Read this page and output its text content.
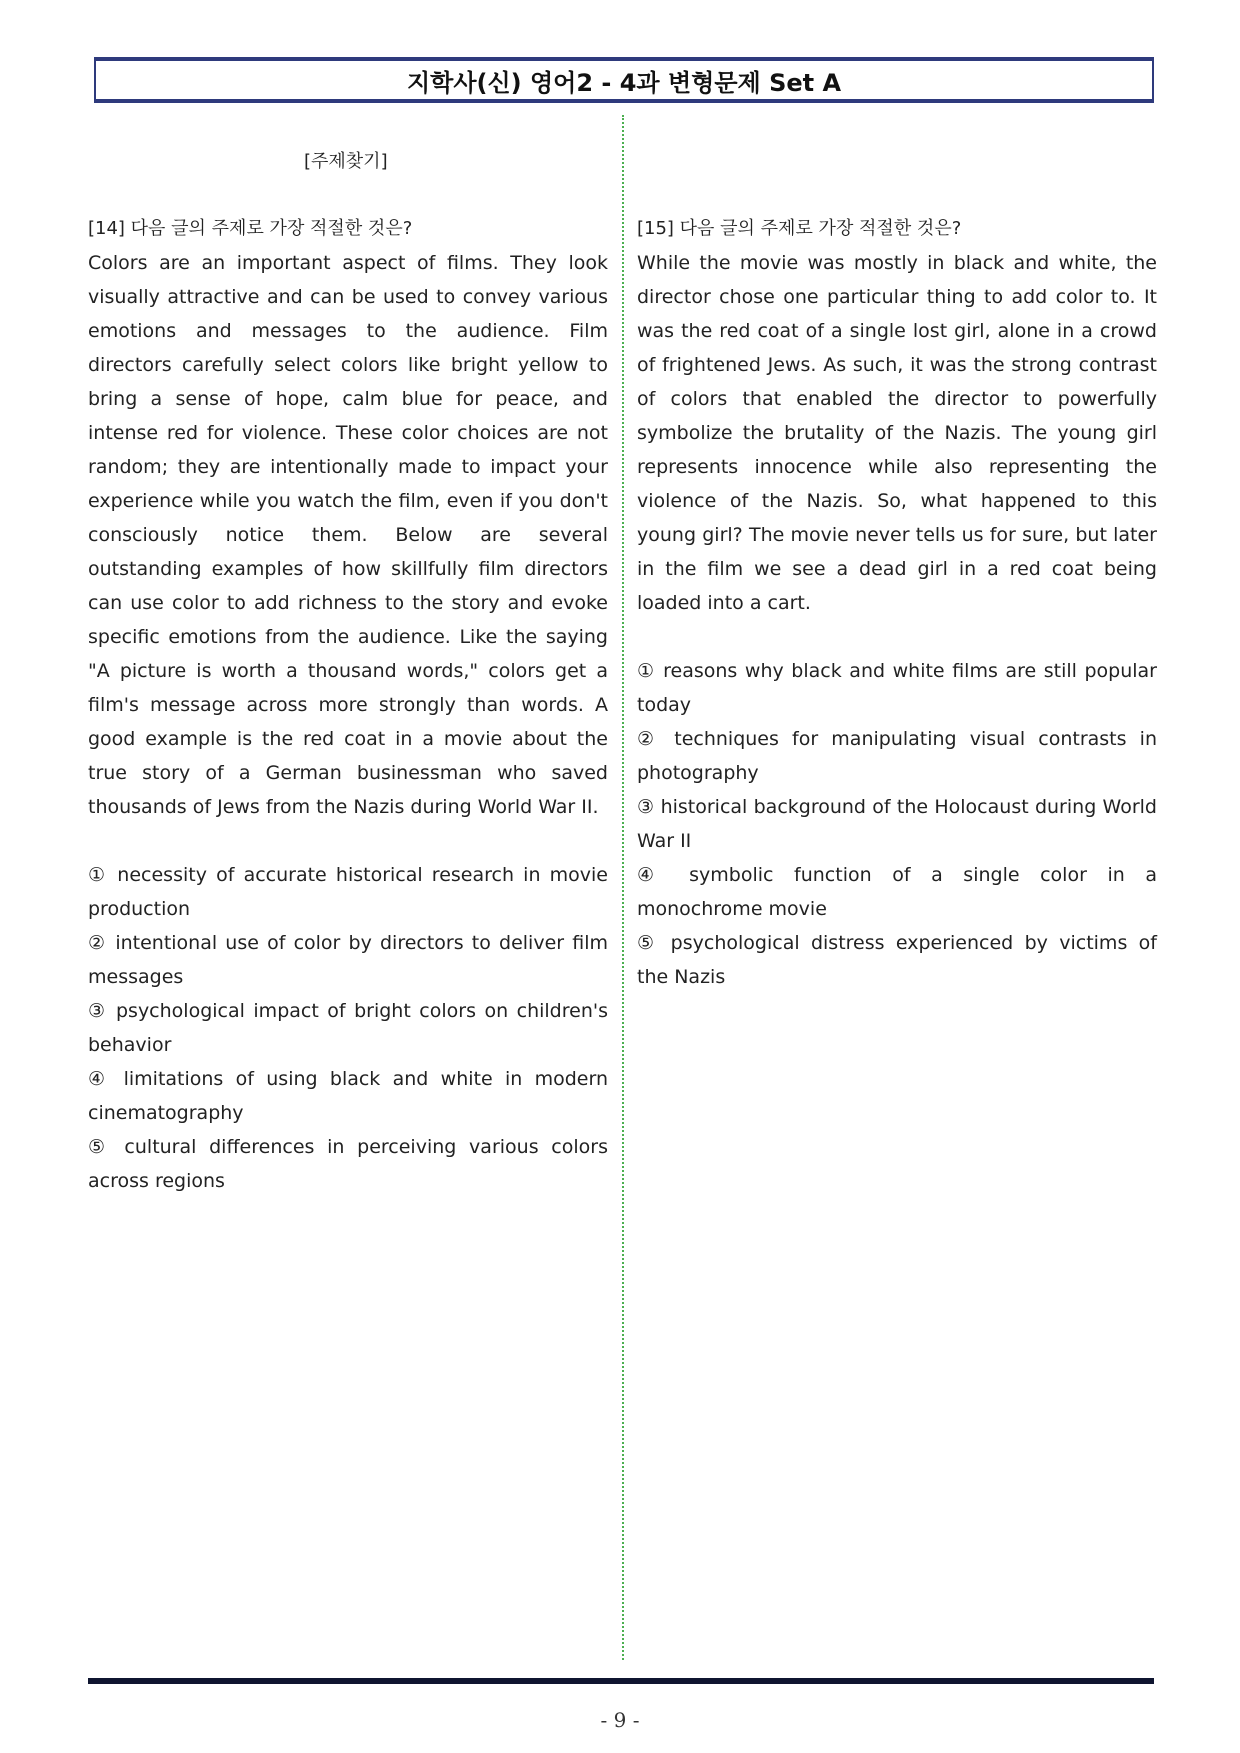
지학사(신) 영어2 - 4과 변형문제 Set A
[주제찾기]
[14] 다음 글의 주제로 가장 적절한 것은?

Colors are an important aspect of films. They look visually attractive and can be used to convey various emotions and messages to the audience. Film directors carefully select colors like bright yellow to bring a sense of hope, calm blue for peace, and intense red for violence. These color choices are not random; they are intentionally made to impact your experience while you watch the film, even if you don't consciously notice them. Below are several outstanding examples of how skillfully film directors can use color to add richness to the story and evoke specific emotions from the audience. Like the saying "A picture is worth a thousand words," colors get a film's message across more strongly than words. A good example is the red coat in a movie about the true story of a German businessman who saved thousands of Jews from the Nazis during World War II.

① necessity of accurate historical research in movie production

② intentional use of color by directors to deliver film messages

③ psychological impact of bright colors on children's behavior

④ limitations of using black and white in modern cinematography

⑤ cultural differences in perceiving various colors across regions

[15] 다음 글의 주제로 가장 적절한 것은?

While the movie was mostly in black and white, the director chose one particular thing to add color to. It was the red coat of a single lost girl, alone in a crowd of frightened Jews. As such, it was the strong contrast of colors that enabled the director to powerfully symbolize the brutality of the Nazis. The young girl represents innocence while also representing the violence of the Nazis. So, what happened to this young girl? The movie never tells us for sure, but later in the film we see a dead girl in a red coat being loaded into a cart.

① reasons why black and white films are still popular today

② techniques for manipulating visual contrasts in photography

③ historical background of the Holocaust during World War II

④ symbolic function of a single color in a monochrome movie

⑤ psychological distress experienced by victims of the Nazis

- 9 -
